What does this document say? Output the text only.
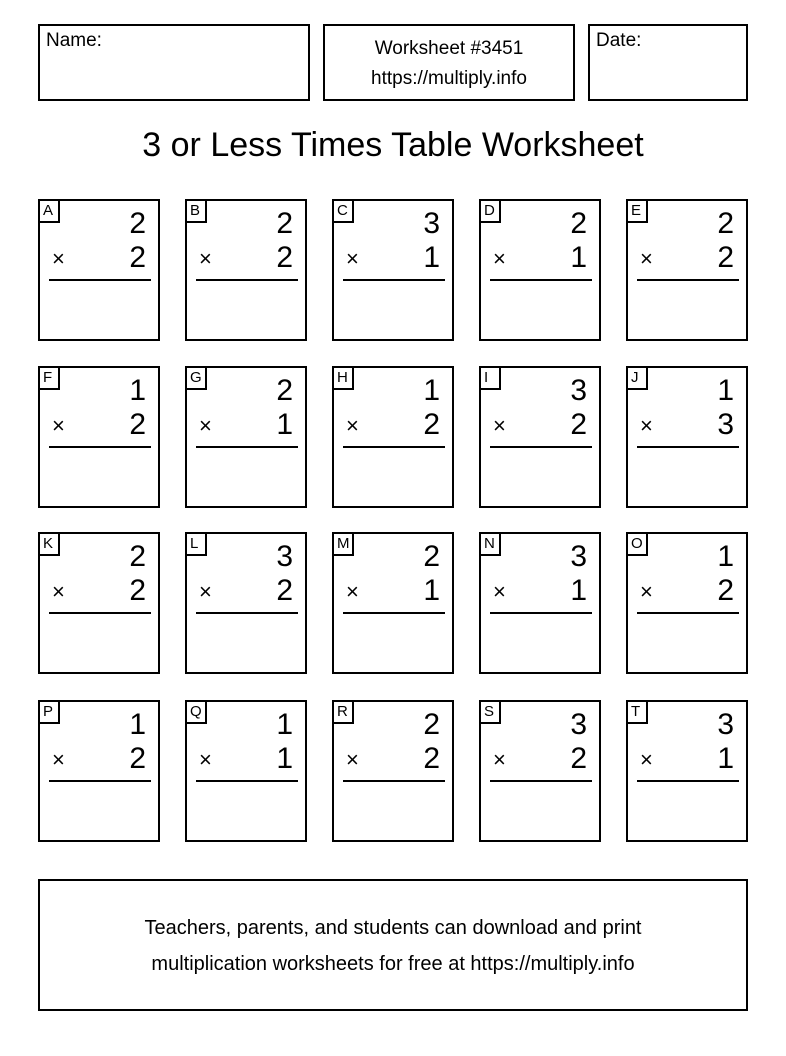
Name:	Worksheet #3451
https://multiply.info
Date:
3 or Less Times Table Worksheet
A	2
× 2
B	2
× 2
C	3
× 1
D	2
× 1
E	2
× 2
F	1
× 2
G 2
× 1
H	1
× 2
I	3
× 2
J	1
× 3
K	2
× 2
L	3
× 2
M 2
× 1
N	3
× 1
O 1
× 2
P	1
× 2
Q 1
× 1
R	2
× 2
S	3
× 2
T	3
× 1
Teachers, parents, and students can download and print
multiplication worksheets for free at https://multiply.info
